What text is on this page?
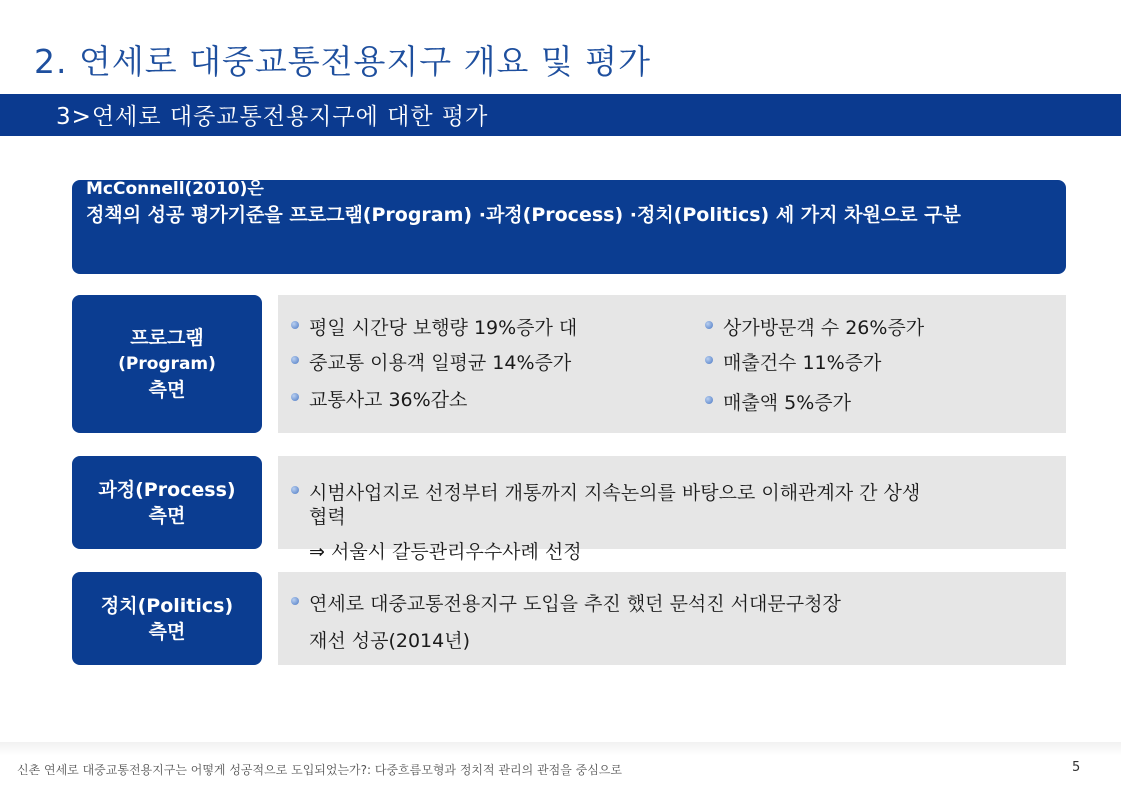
2. 연세로 대중교통전용지구 개요 및 평가
3>연세로 대중교통전용지구에 대한 평가
McConnell(2010)은
정책의 성공 평가기준을 프로그램(Program) ·과정(Process) ·정치(Politics) 세 가지 차원으로 구분
프로그램
(Program)
측면
평일 시간당 보행량 19%증가 대
중교통 이용객 일평균 14%증가
교통사고 36%감소
상가방문객 수 26%증가
매출건수 11%증가
매출액 5%증가
과정(Process)
측면
시범사업지로 선정부터 개통까지 지속논의를 바탕으로 이해관계자 간 상생
협력
⇒ 서울시 갈등관리우수사례 선정
정치(Politics)
측면
연세로 대중교통전용지구 도입을 추진 했던 문석진 서대문구청장
재선 성공(2014년)
신촌 연세로 대중교통전용지구는 어떻게 성공적으로 도입되었는가?: 다중흐름모형과 정치적 관리의 관점을 중심으로	5
